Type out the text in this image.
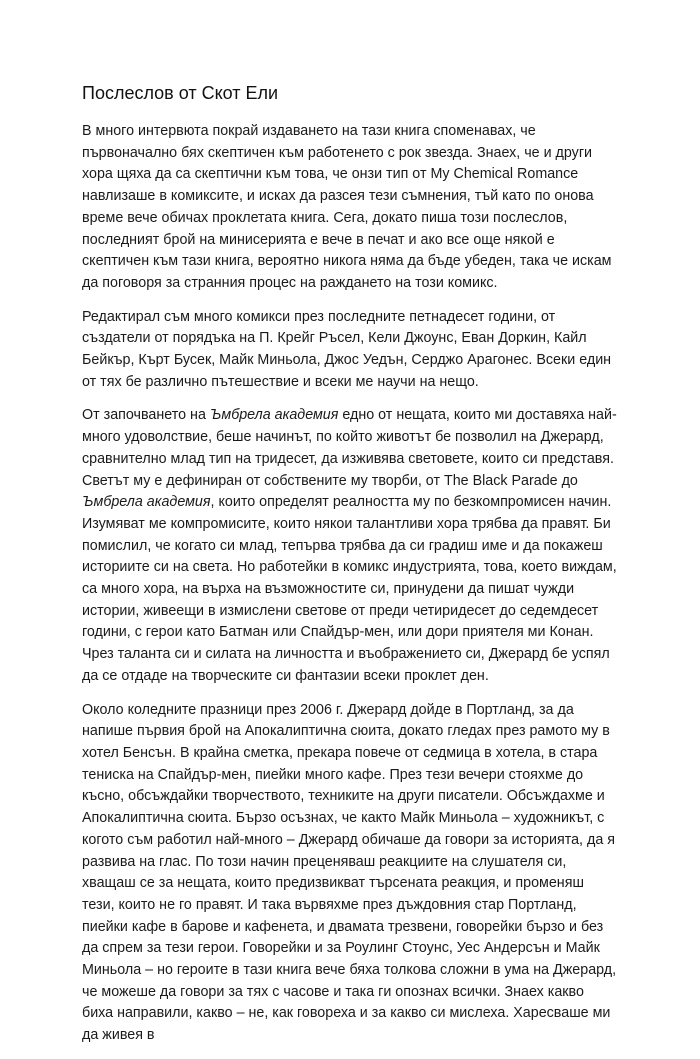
Послеслов от Скот Ели

В много интервюта покрай издаването на тази книга споменавах, че първоначално бях скептичен към работенето с рок звезда. Знаех, че и други хора щяха да са скептични към това, че онзи тип от My Chemical Romance навлизаше в комиксите, и исках да разсея тези съмнения, тъй като по онова време вече обичах проклетата книга. Сега, докато пиша този послеслов, последният брой на минисерията е вече в печат и ако все още някой е скептичен към тази книга, вероятно никога няма да бъде убеден, така че искам да поговоря за странния процес на раждането на този комикс.

Редактирал съм много комикси през последните петнадесет години, от създатели от порядъка на П. Крейг Ръсел, Кели Джоунс, Еван Доркин, Кайл Бейкър, Кърт Бусек, Майк Миньола, Джос Уедън, Серджо Арагонес. Всеки един от тях бе различно пътешествие и всеки ме научи на нещо.

От започването на Ъмбрела академия едно от нещата, които ми доставяха най-много удоволствие, беше начинът, по който животът бе позволил на Джерард, сравнително млад тип на тридесет, да изживява световете, които си представя. Светът му е дефиниран от собствените му творби, от The Black Parade до Ъмбрела академия, които определят реалността му по безкомпромисен начин. Изумяват ме компромисите, които някои талантливи хора трябва да правят. Би помислил, че когато си млад, тепърва трябва да си градиш име и да покажеш историите си на света. Но работейки в комикс индустрията, това, което виждам, са много хора, на върха на възможностите си, принудени да пишат чужди истории, живеещи в измислени светове от преди четиридесет до седемдесет години, с герои като Батман или Спайдър-мен, или дори приятеля ми Конан. Чрез таланта си и силата на личността и въображението си, Джерард бе успял да се отдаде на творческите си фантазии всеки проклет ден.

Около коледните празници през 2006 г. Джерард дойде в Портланд, за да напише първия брой на Апокалиптична сюита, докато гледах през рамото му в хотел Бенсън. В крайна сметка, прекара повече от седмица в хотела, в стара тениска на Спайдър-мен, пиейки много кафе. През тези вечери стояхме до късно, обсъждайки творчеството, техниките на други писатели. Обсъждахме и Апокалиптична сюита. Бързо осъзнах, че както Майк Миньола – художникът, с когото съм работил най-много – Джерард обичаше да говори за историята, да я развива на глас. По този начин преценяваш реакциите на слушателя си, хващаш се за нещата, които предизвикват търсената реакция, и променяш тези, които не го правят. И така вървяхме през дъждовния стар Портланд, пиейки кафе в барове и кафенета, и двамата трезвени, говорейки бързо и без да спрем за тези герои. Говорейки и за Роулинг Стоунс, Уес Андерсън и Майк Миньола – но героите в тази книга вече бяха толкова сложни в ума на Джерард, че можеше да говори за тях с часове и така ги опознах всички. Знаех какво биха направили, какво – не, как говореха и за какво си мислеха. Харесваше ми да живея в
